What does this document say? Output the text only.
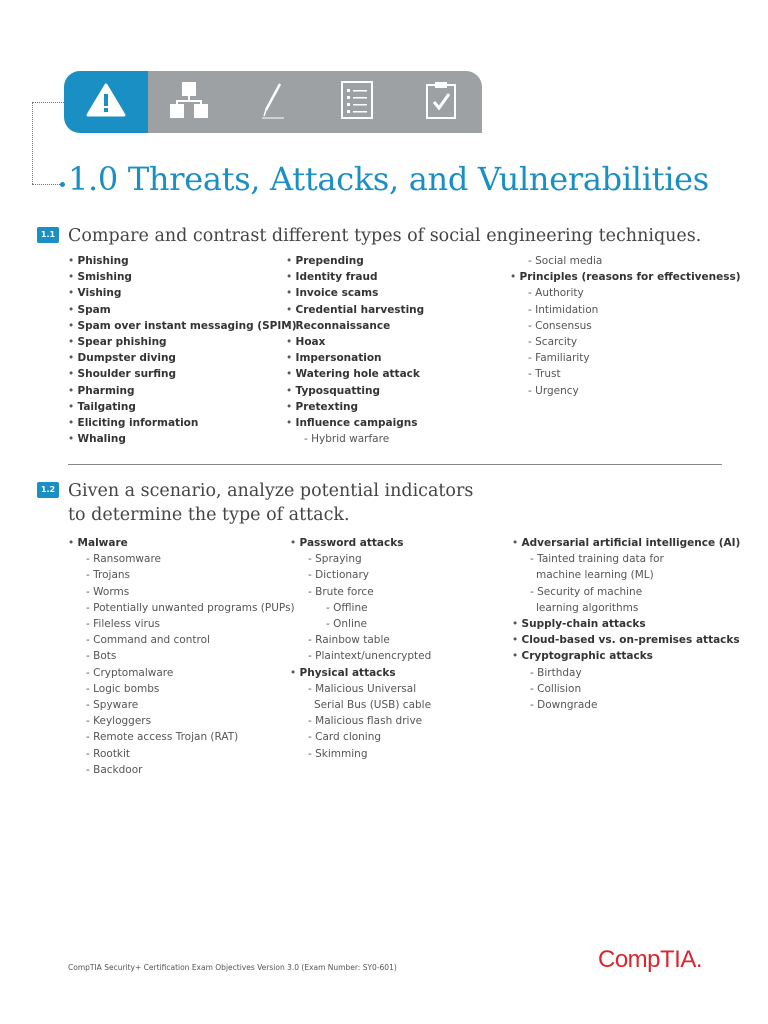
1.0 Threats, Attacks, and Vulnerabilities
1.1 Compare and contrast different types of social engineering techniques.
• Phishing
• Smishing
• Vishing
• Spam
• Spam over instant messaging (SPIM)
• Spear phishing
• Dumpster diving
• Shoulder surfing
• Pharming
• Tailgating
• Eliciting information
• Whaling
• Prepending
• Identity fraud
• Invoice scams
• Credential harvesting
• Reconnaissance
• Hoax
• Impersonation
• Watering hole attack
• Typosquatting
• Pretexting
• Influence campaigns
- Hybrid warfare
- Social media
• Principles (reasons for effectiveness)
- Authority
- Intimidation
- Consensus
- Scarcity
- Familiarity
- Trust
- Urgency
1.2 Given a scenario, analyze potential indicators
to determine the type of attack.
• Malware
- Ransomware
- Trojans
- Worms
- Potentially unwanted programs (PUPs)
- Fileless virus
- Command and control
- Bots
- Cryptomalware
- Logic bombs
- Spyware
- Keyloggers
- Remote access Trojan (RAT)
- Rootkit
- Backdoor
• Password attacks
- Spraying
- Dictionary
- Brute force
- Offline
- Online
- Rainbow table
- Plaintext/unencrypted
• Physical attacks
- Malicious Universal
Serial Bus (USB) cable
- Malicious flash drive
- Card cloning
- Skimming
• Adversarial artificial intelligence (AI)
- Tainted training data for
machine learning (ML)
- Security of machine
learning algorithms
• Supply-chain attacks
• Cloud-based vs. on-premises attacks
• Cryptographic attacks
- Birthday
- Collision
- Downgrade
CompTIA Security+ Certification Exam Objectives Version 3.0 (Exam Number: SY0-601)	CompTIA.
